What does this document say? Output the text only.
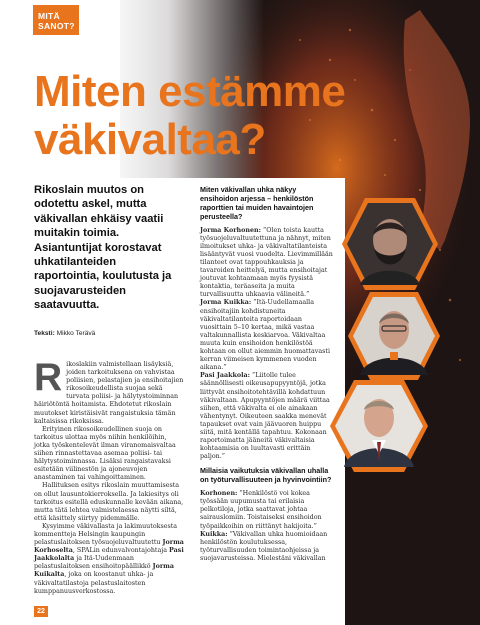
MITÄ
SANOT?
Miten estämme
väkivaltaa?
Rikoslain muutos on odotettu askel, mutta väkivallan ehkäisy vaatii muitakin toimia. Asiantuntijat korostavat uhkatilanteiden raportointia, koulutusta ja suojavarusteiden saatavuutta.
Teksti: Mikko Terävä

Rikoslakiin valmistellaan lisäyksiä, joiden tarkoituksena on vahvistaa poliisien, pelastajien ja ensihoitajien rikosoikeudellista suojaa sekä turvata poliisi- ja hälytystoiminnan häiriötöntä hoitamista. Ehdotetut rikoslain muutokset kiristäisivät rangaistuksia tämän kaltaisissa rikoksissa.

Erityinen rikosoikeudellinen suoja on tarkoitus ulottaa myös niihin henkilöihin, jotka työskentelevät ilman viranomaisvaltaa siihen rinnastettavaa asemaa poliisi- tai hälytystoiminnassa. Lisäksi rangaistavaksi esitetään viilinestön ja ajoneuvojen anastaminen tai vahingoittaminen.

Hallituksen esitys rikoslain muuttamisesta on ollut lausuntokierroksella. Ja lakiesitys oli tarkoitus esitellä eduskunnalle kevään aikana, mutta tätä lehtea valmistelaessa näytti siltä, että käsittely siirtyy pidemmälle.

Kysyimme väkivallasta ja lakimuutoksesta kommentteja Helsingin kaupungin pelastuslaitoksen työsuojeluvaltuutettu Jorma Korhoselta, SPALin edunvalvontajohtaja Pasi Jaakkolalta ja Itä-Uudenmaan pelastuslaitoksen ensihoitopäällikkö Jorma Kuikalta, joka on koostanut uhka- ja väkivaltatilastoja pelastuslaitosten kumppanuusverkostossa.

Miten väkivallan uhka näkyy ensihoidon arjessa – henkilöstön raporttien tai muiden havaintojen perusteella?

Jorma Korhonen: ”Olen toista kautta työsuojeluvaltuutettuna ja nähnyt, miten ilmoitukset uhka- ja väkivaltatilanteista lisääntyvät vuosi vuodelta. Lievimmillään tilanteet ovat tappouhkauksia ja tavaroiden heittelyä, mutta ensihoitajat joutuvat kohtaamaan myös fyysistä kontaktia, teräaseita ja muita turvallisuutta uhkaavia välineitä.”

Jorma Kuikka: ”Itä-Uudellamaalla ensihoitajiin kohdistuneita väkivaltatilanteita raportoidaan vuosittain 5–10 kertaa, mikä vastaa valtakunnallista keskiarvoa. Väkivaltaa muuta kuin ensihoidon henkilöstöä kohtaan on ollut aiemmin huomattavasti kerran viimeisen kymmenen vuoden aikana.”

Pasi Jaakkola: ”Liitolle tulee säännöllisesti oikeusapupyyntöjä, jotka liittyvät ensihoitotehtävillä kohdattuun väkivaltaan. Apupyyntöjen määrä viittaa siihen, että väkivalta ei ole ainakaan vähentynyt. Oikeuteen saakka menevät tapaukset ovat vain jäävuoren huippu siitä, mitä kentällä tapahtuu. Kokonaan raportoimatta jääneitä väkivaltaisia kohtaamisia on luultavasti erittäin paljon.”

Millaisia vaikutuksia väkivallan uhalla on työturvallisuuteen ja hyvinvointiin?

Korhonen: ”Henkilöstö voi kokea työssään uupumusta tai erilaisia pelkotiloja, jotka saattavat johtaa sairauslomiin. Toistaiseksi ensihoidon työpaikkoihin on riittänyt hakijoita.”

Kuikka: ”Väkivallan uhka huomioidaan henkilöstön koulutuksessa, työturvallisuuden toimintaohjeissa ja suojavarusteissa. Mielestäni väkivallan

22
